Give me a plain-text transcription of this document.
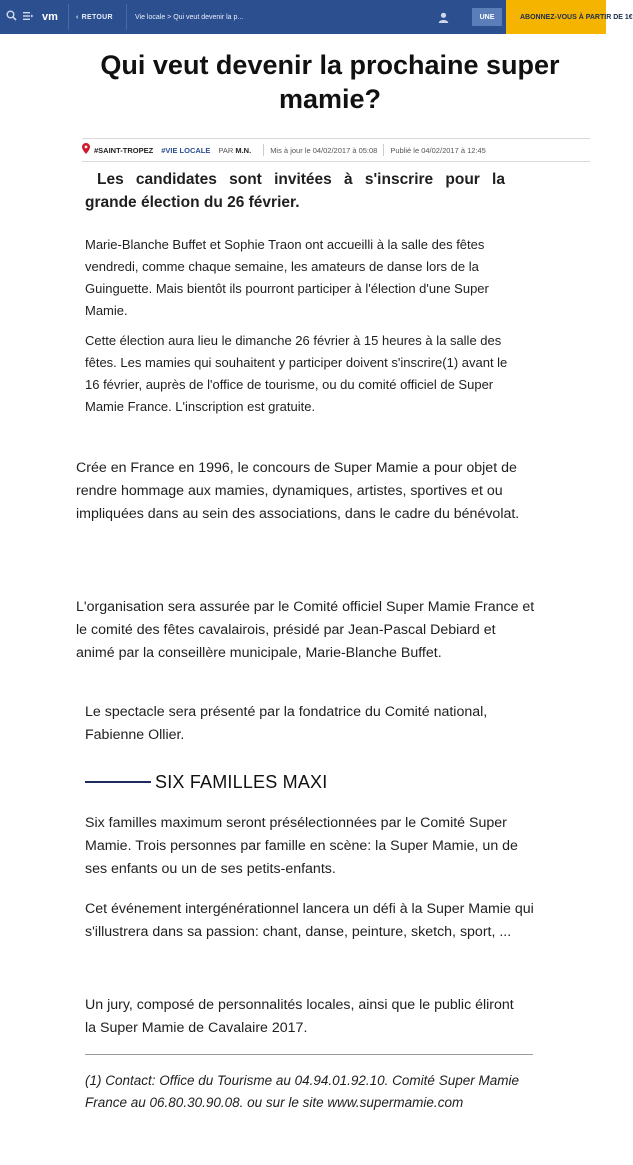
vm	‹ RETOUR	Vie locale > Qui veut devenir la p...	UNE	ABONNEZ-VOUS À PARTIR DE 1€
Qui veut devenir la prochaine super
mamie?
#SAINT-TROPEZ #VIE LOCALE PAR M.N.	Mis à jour le 04/02/2017 à 05:08 Publié le 04/02/2017 à 12:45

Les candidates sont invitées à s'inscrire pour la grande élection du 26 février.

Marie-Blanche Buffet et Sophie Traon ont accueilli à la salle des fêtes vendredi, comme chaque semaine, les amateurs de danse lors de la Guinguette. Mais bientôt ils pourront participer à l'élection d'une Super Mamie.

Cette élection aura lieu le dimanche 26 février à 15 heures à la salle des fêtes. Les mamies qui souhaitent y participer doivent s'inscrire(1) avant le 16 février, auprès de l'office de tourisme, ou du comité officiel de Super Mamie France. L'inscription est gratuite.

Crée en France en 1996, le concours de Super Mamie a pour objet de rendre hommage aux mamies, dynamiques, artistes, sportives et ou impliquées dans au sein des associations, dans le cadre du bénévolat.

L'organisation sera assurée par le Comité officiel Super Mamie France et le comité des fêtes cavalairois, présidé par Jean-Pascal Debiard et animé par la conseillère municipale, Marie-Blanche Buffet.

Le spectacle sera présenté par la fondatrice du Comité national, Fabienne Ollier.

SIX FAMILLES MAXI

Six familles maximum seront présélectionnées par le Comité Super Mamie. Trois personnes par famille en scène: la Super Mamie, un de ses enfants ou un de ses petits-enfants.

Cet événement intergénérationnel lancera un défi à la Super Mamie qui s'illustrera dans sa passion: chant, danse, peinture, sketch, sport, ...

Un jury, composé de personnalités locales, ainsi que le public éliront la Super Mamie de Cavalaire 2017.

(1) Contact: Office du Tourisme au 04.94.01.92.10. Comité Super Mamie France au 06.80.30.90.08. ou sur le site www.supermamie.com
